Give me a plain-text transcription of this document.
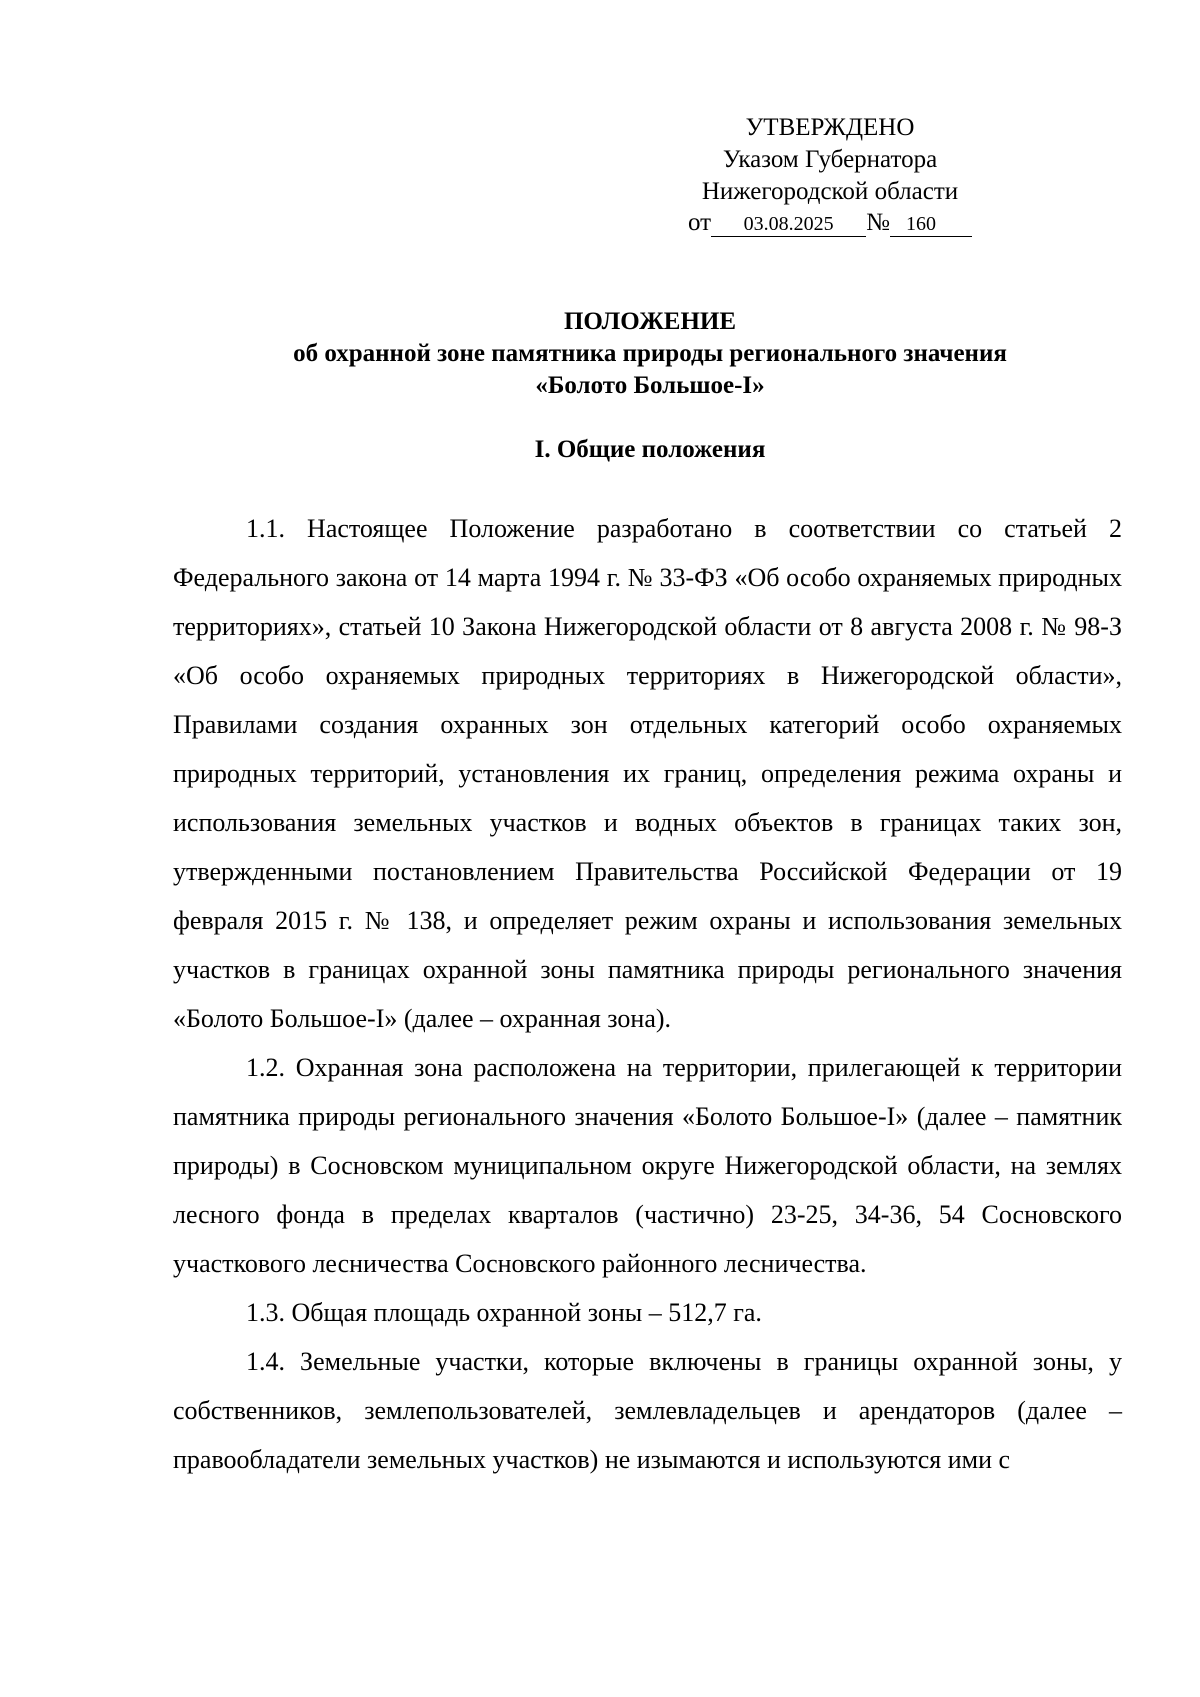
УТВЕРЖДЕНО
Указом Губернатора
Нижегородской области
от 03.08.2025 № 160
ПОЛОЖЕНИЕ
об охранной зоне памятника природы регионального значения
«Болото Большое-I»
I. Общие положения

1.1. Настоящее Положение разработано в соответствии со статьей 2 Федерального закона от 14 марта 1994 г. № 33-ФЗ «Об особо охраняемых природных территориях», статьей 10 Закона Нижегородской области от 8 августа 2008 г. № 98-З «Об особо охраняемых природных территориях в Нижегородской области», Правилами создания охранных зон отдельных категорий особо охраняемых природных территорий, установления их границ, определения режима охраны и использования земельных участков и водных объектов в границах таких зон, утвержденными постановлением Правительства Российской Федерации от 19 февраля 2015 г. № 138, и определяет режим охраны и использования земельных участков в границах охранной зоны памятника природы регионального значения «Болото Большое-I» (далее – охранная зона).

1.2. Охранная зона расположена на территории, прилегающей к территории памятника природы регионального значения «Болото Большое-I» (далее – памятник природы) в Сосновском муниципальном округе Нижегородской области, на землях лесного фонда в пределах кварталов (частично) 23-25, 34-36, 54 Сосновского участкового лесничества Сосновского районного лесничества.

1.3. Общая площадь охранной зоны – 512,7 га.

1.4. Земельные участки, которые включены в границы охранной зоны, у собственников, землепользователей, землевладельцев и арендаторов (далее – правообладатели земельных участков) не изымаются и используются ими с
